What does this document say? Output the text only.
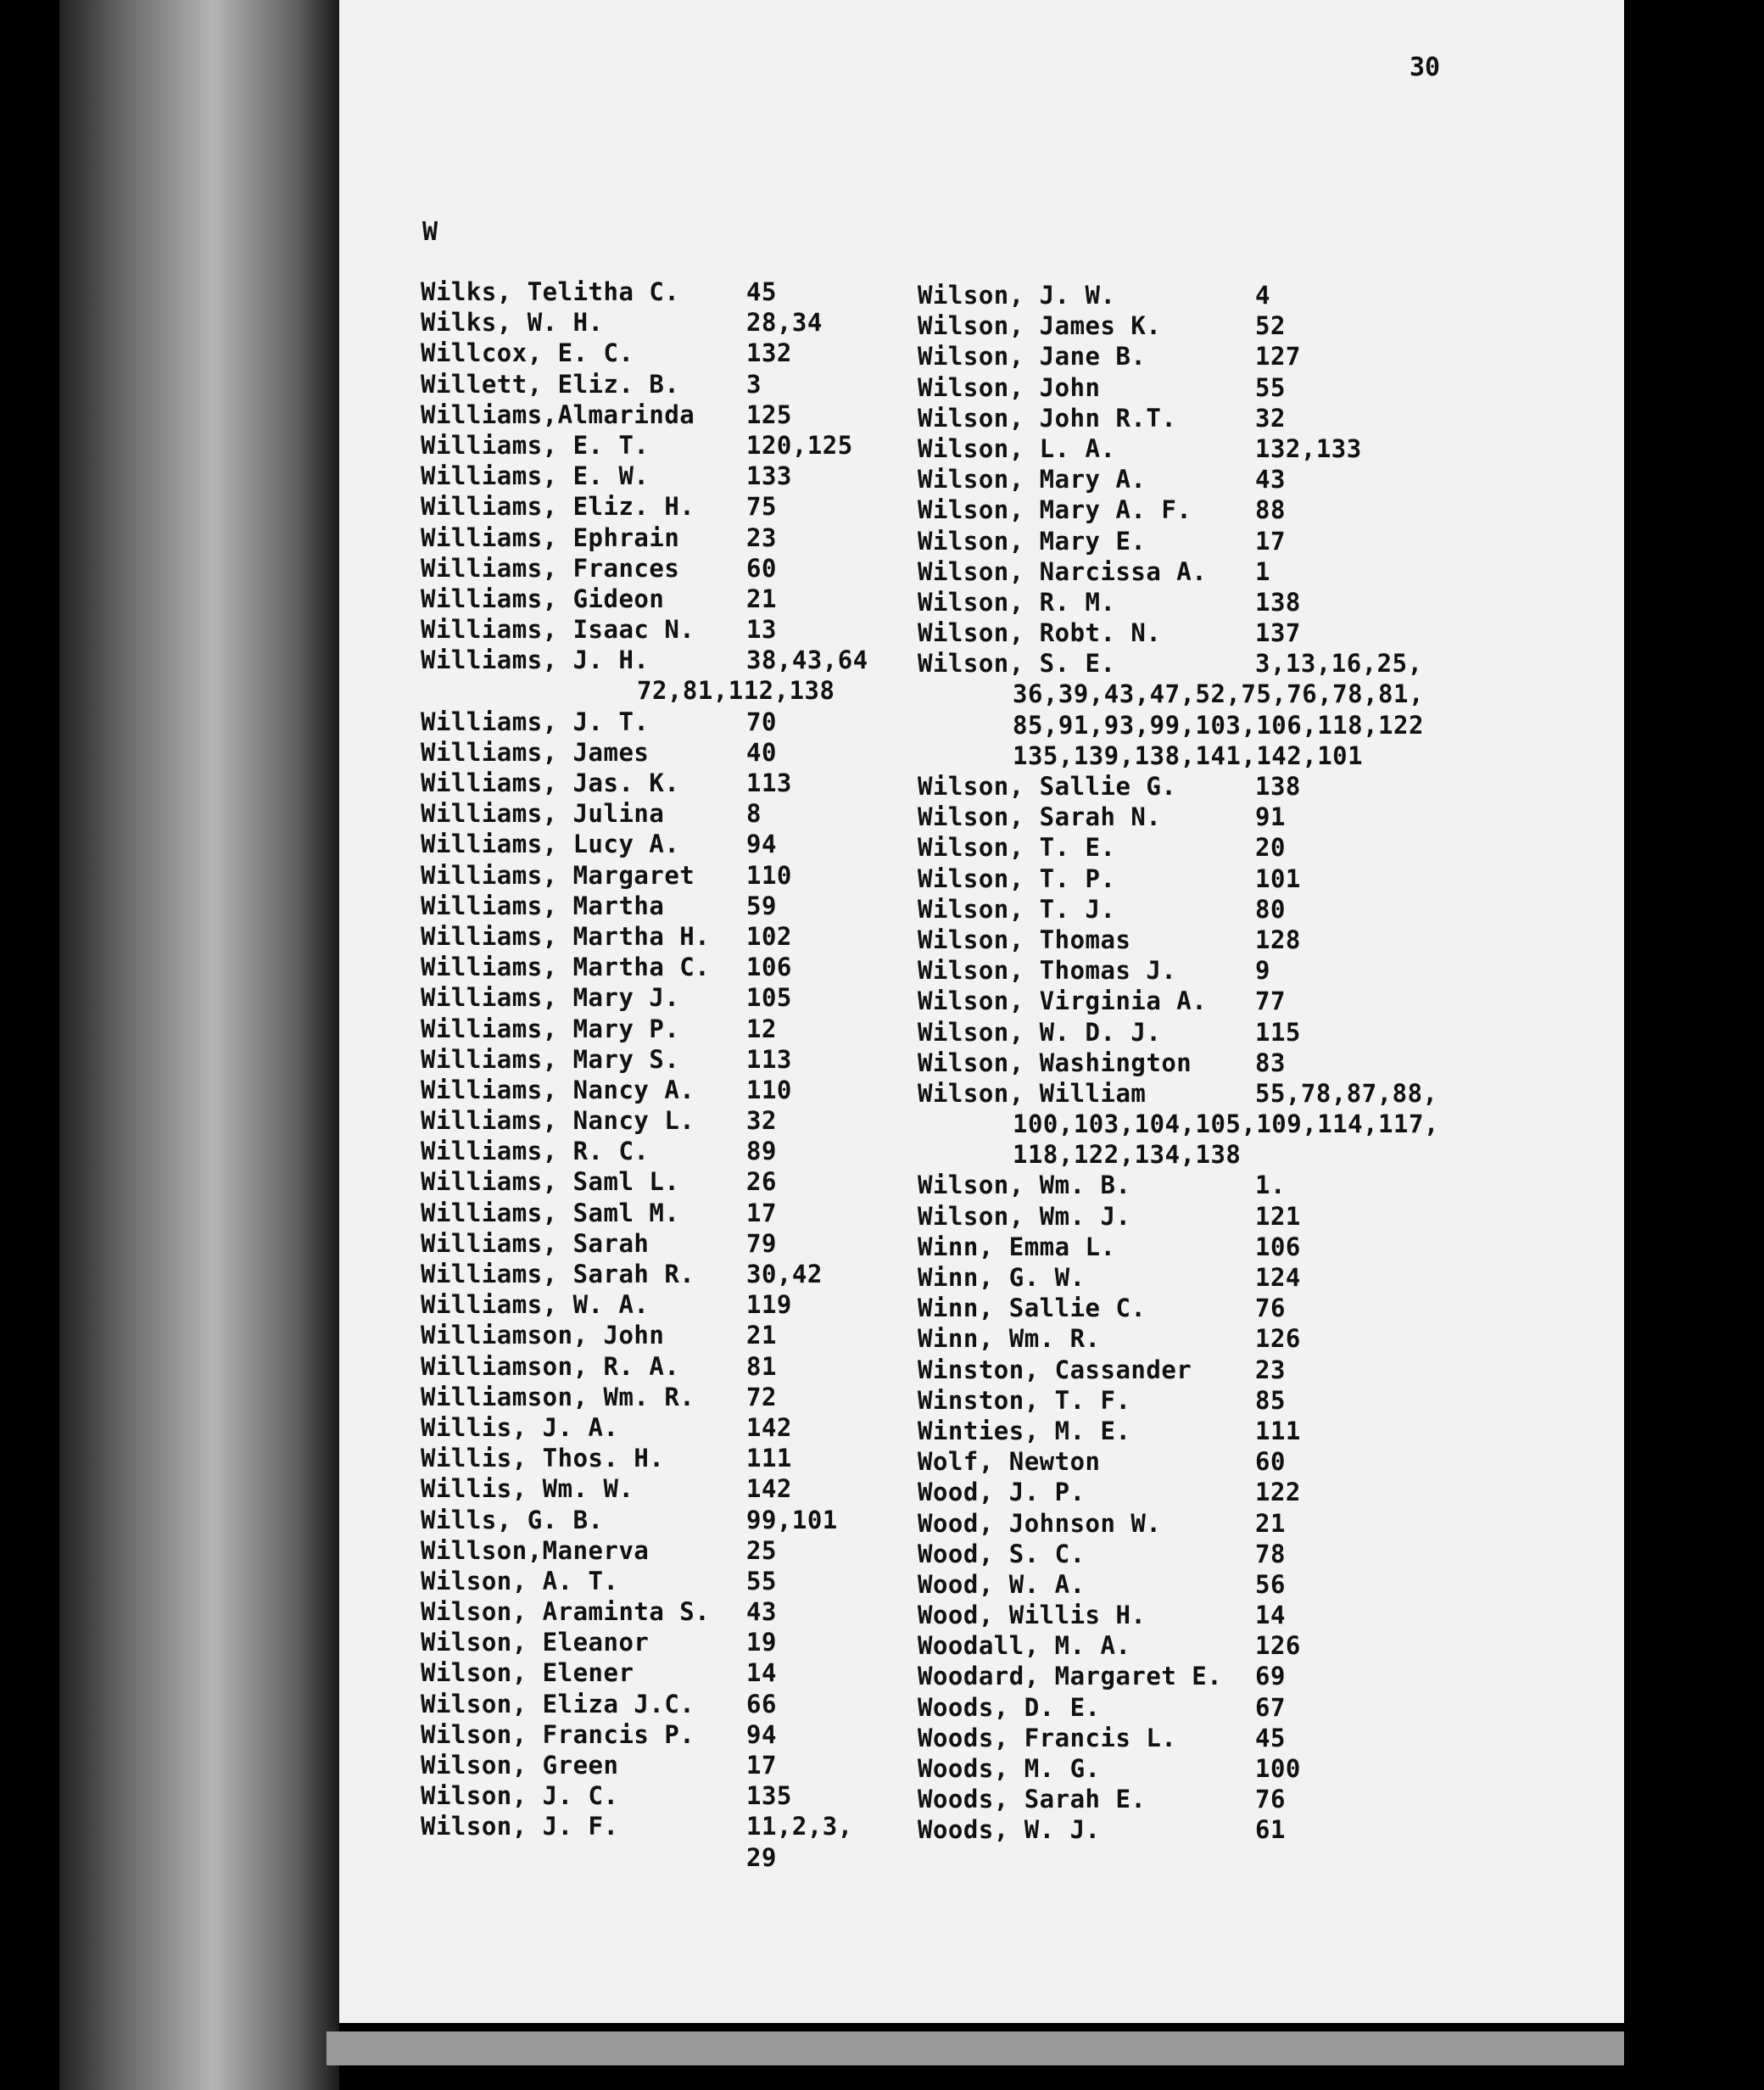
30
W
Wilks, Telitha C.	45
Wilks, W. H.	28,34
Willcox, E. C.	132
Willett, Eliz. B.	3
Williams,Almarinda 125
Williams, E. T.	120,125
Williams, E. W.	133
Williams, Eliz. H. 75
Williams, Ephrain	23
Williams, Frances	60
Williams, Gideon	21
Williams, Isaac N. 13
Williams, J. H.	38,43,64
72,81,112,138
Williams, J. T.	70
Williams, James	40
Williams, Jas. K.	113
Williams, Julina	8
Williams, Lucy A.	94
Williams, Margaret 110
Williams, Martha	59
Williams, Martha H. 102
Williams, Martha C. 106
Williams, Mary J.	105
Williams, Mary P.	12
Williams, Mary S.	113
Williams, Nancy A. 110
Williams, Nancy L. 32
Williams, R. C.	89
Williams, Saml L.	26
Williams, Saml M.	17
Williams, Sarah	79
Williams, Sarah R. 30,42
Williams, W. A.	119
Williamson, John	21
Williamson, R. A.	81
Williamson, Wm. R. 72
Willis, J. A.	142
Willis, Thos. H.	111
Willis, Wm. W.	142
Wills, G. B.	99,101
Willson,Manerva	25
Wilson, A. T.	55
Wilson, Araminta S. 43
Wilson, Eleanor	19
Wilson, Elener	14
Wilson, Eliza J.C. 66
Wilson, Francis P. 94
Wilson, Green	17
Wilson, J. C.	135
Wilson, J. F.	11,2,3,
29
Wilson, J. W.	4
Wilson, James K.	52
Wilson, Jane B.	127
Wilson, John	55
Wilson, John R.T.	32
Wilson, L. A.	132,133
Wilson, Mary A.	43
Wilson, Mary A. F.	88
Wilson, Mary E.	17
Wilson, Narcissa A. 1
Wilson, R. M.	138
Wilson, Robt. N.	137
Wilson, S. E.	3,13,16,25,
36,39,43,47,52,75,76,78,81,
85,91,93,99,103,106,118,122
135,139,138,141,142,101
Wilson, Sallie G.	138
Wilson, Sarah N.	91
Wilson, T. E.	20
Wilson, T. P.	101
Wilson, T. J.	80
Wilson, Thomas	128
Wilson, Thomas J.	9
Wilson, Virginia A. 77
Wilson, W. D. J.	115
Wilson, Washington	83
Wilson, William	55,78,87,88,
100,103,104,105,109,114,117,
118,122,134,138
Wilson, Wm. B.	1.
Wilson, Wm. J.	121
Winn, Emma L.	106
Winn, G. W.	124
Winn, Sallie C.	76
Winn, Wm. R.	126
Winston, Cassander	23
Winston, T. F.	85
Winties, M. E.	111
Wolf, Newton	60
Wood, J. P.	122
Wood, Johnson W.	21
Wood, S. C.	78
Wood, W. A.	56
Wood, Willis H.	14
Woodall, M. A.	126
Woodard, Margaret E. 69
Woods, D. E.	67
Woods, Francis L.	45
Woods, M. G.	100
Woods, Sarah E.	76
Woods, W. J.	61
